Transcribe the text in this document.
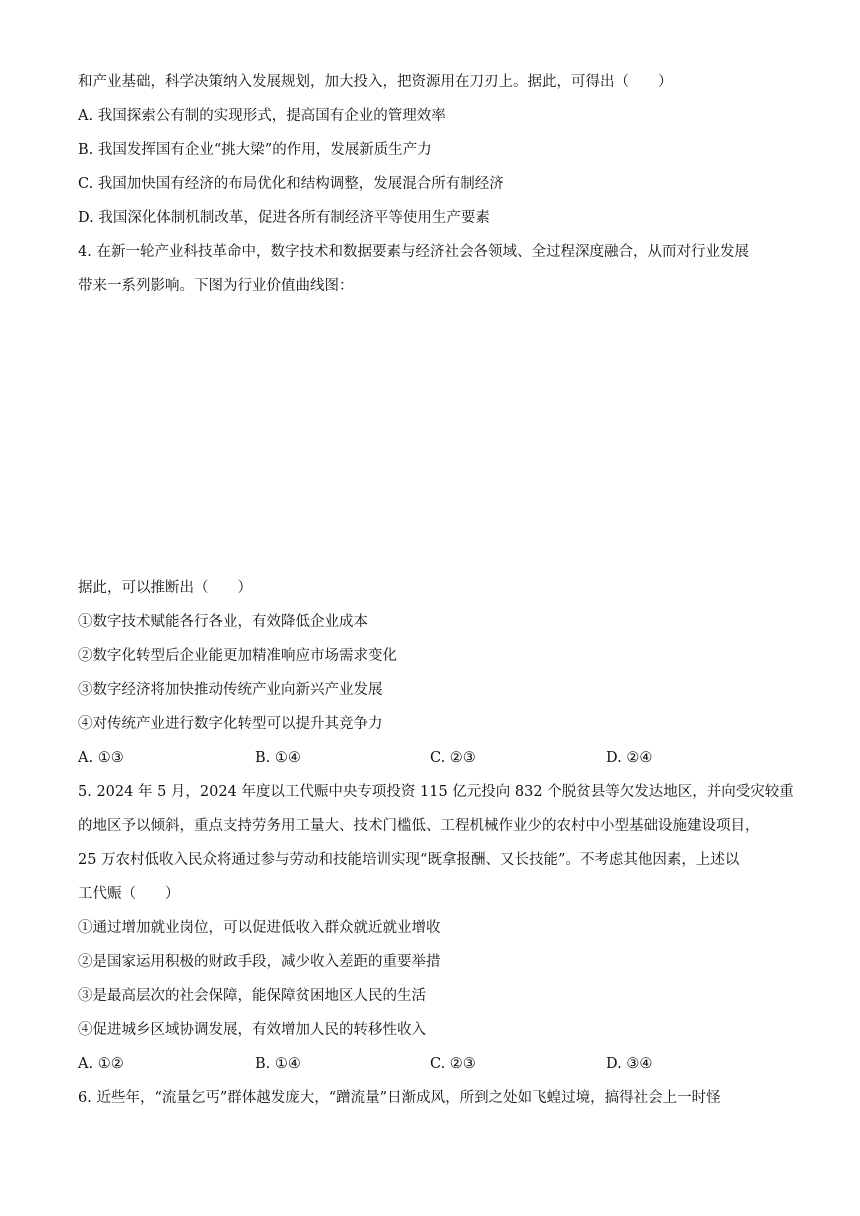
和产业基础，科学决策纳入发展规划，加大投入，把资源用在刀刃上。据此，可得出（　　）
A. 我国探索公有制的实现形式，提高国有企业的管理效率
B. 我国发挥国有企业“挑大梁”的作用，发展新质生产力
C. 我国加快国有经济的布局优化和结构调整，发展混合所有制经济
D. 我国深化体制机制改革，促进各所有制经济平等使用生产要素
4. 在新一轮产业科技革命中，数字技术和数据要素与经济社会各领域、全过程深度融合，从而对行业发展
带来一系列影响。下图为行业价值曲线图：
据此，可以推断出（　　）
①数字技术赋能各行各业，有效降低企业成本
②数字化转型后企业能更加精准响应市场需求变化
③数字经济将加快推动传统产业向新兴产业发展
④对传统产业进行数字化转型可以提升其竞争力
A. ①③	B. ①④	C. ②③	D. ②④
5. 2024 年 5 月，2024 年度以工代赈中央专项投资 115 亿元投向 832 个脱贫县等欠发达地区，并向受灾较重
的地区予以倾斜，重点支持劳务用工量大、技术门槛低、工程机械作业少的农村中小型基础设施建设项目，
25 万农村低收入民众将通过参与劳动和技能培训实现“既拿报酬、又长技能”。不考虑其他因素，上述以
工代赈（　　）
①通过增加就业岗位，可以促进低收入群众就近就业增收
②是国家运用积极的财政手段，减少收入差距的重要举措
③是最高层次的社会保障，能保障贫困地区人民的生活
④促进城乡区域协调发展，有效增加人民的转移性收入
A. ①②	B. ①④	C. ②③	D. ③④
6. 近些年，“流量乞丐”群体越发庞大，“蹭流量”日渐成风，所到之处如飞蝗过境，搞得社会上一时怪
